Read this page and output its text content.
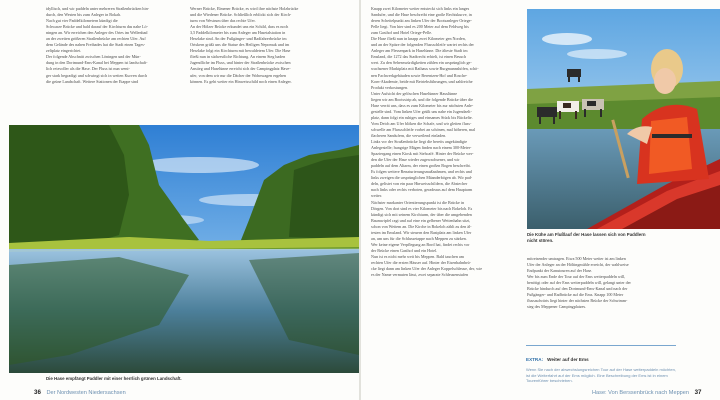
idyllisch, und wir paddeln unter mehreren Straßenbrücken hin-
durch, den Westen bis zum Anleger in Bokah.
Nach gut vier Paddelkilometern kündigt die
Schwarze Brücke und bald darauf der Kirchturm das nahe Lö-
ningen an. Wir erreichen den Anleger des Ortes im Wellenbad
an der zweiten größeren Straßenbrücke am rechten Ufer. Auf
dem Gelände des nahen Freibades hat die Stadt einen Tages-
zeltplatz eingerichtet.
Der folgende Abschnitt zwischen Löningen und der Mün-
dung in den Dortmund-Ems-Kanal bei Meppen ist landschaft-
lich reizvoller als die Hase. Der Fluss ist nun weni-
ger stark begradigt und schwingt sich in weiten Kurven durch
die grüne Landschaft. Weitere Stationen der Etappe sind
Werner Brücke, Elmener Brücke, es wird ihre nächste Holzbrücke
und die Wiedener Brücke. Schließlich erblickt sich der Kirch-
turm von Westrum über das rechte Ufer.
An der Hölzer Brücke erkundet uns ein Schild, dass es noch
3,5 Paddelkilometer bis zum Anleger am Hasetalstation in
Herzlake sind. An der Fußgänger- und Radfahrerbrücke im
Ortskern grüßt uns die Statue des Heiligen Nepomuk und im
Herzlake folgt ein Kirchturm mit bewaldetem Ufer. Die Hase
fließt nun in südwestliche Richtung. An einem Steg baden
Jugendliche im Fluss, und hinter der Straßenbrücke zwischen
Anstieg und Haselünne erreicht sich der Campingplatz Have-
ufer, von dem wir nur die Dächer der Wohnwagen ergehen
können. Es geht weiter ein Hinweisschild noch einen Anleger.
Die Hase empfängt Paddler mit einer herrlich grünen Landschaft.
36 Der Nordwesten Niedersachsen
Knapp zwei Kilometer weiter entsteckt sich links ein langes
Sandufer, und die Hase beschreibt eine große Rechtskurve, in
deren Scheitelpunkt am linken Ufer der Bootsanleger Ortege-
Pelle liegt. Von hier sind es 200 Meter auf dem Feldweg bis
zum Gasthof und Hotel Ortege-Pelle.
Die Hase fließt nun in knapp zwei Kilometer gen Norden,
und an der Spitze der folgenden Flussschleife wartet rechts der
Anleger am Flessenpark in Haselünne. Die älteste Stadt im
Emsland, die 1272 das Stadtrecht erhielt, ist einen Besuch
wert. Zu den Sehenswürdigkeiten zählen ein ursprünglich ge-
wachsener Marktplatz mit Rathaus sowie Burgmannshöfen, schö-
nen Fachwerkgebäuden sowie Berentzen-Hof und Rosche-
Korn-Akademie, beide mit Betriebsführungen, und zahlreiche
Produkt verkostungen.
Unter Aufsicht der gelöschen Haselünner Hauslünne
liegen wir am Bootsstrip ab, und die folgende Brücke über die
Hase verrät uns, dass es zum Kilometer bis zur nächsten Anle-
gestelle sind. Vom linken Ufer grüßt uns nahe ein Jugendzelt-
platz, dann folgt ein ruhiges und einsames Stück bis Bückelte.
Vom Deich am Ufer blöken die Schafe, und wir gleiten fluss-
schwelle am Flussschleife vorbei an schönen, mal höheren, mal
flacheren Sandufern, die verweilend einladen.
Links vor der Straßenbrücke liegt die bereits angekündigte
Anlegestelle; hungrige Mägen finden nach einem 300-Meter-
Spaziergang einen Kiosk mit Stehcafé. Hinter der Brücke wer-
den die Ufer der Hase wieder zugewachsener, und wir
paddeln auf dem Altarm, der einen großen Bogen beschreibt.
Es folgen weitere Renaturierungsmaßnahmen, und rechts und
links zweigen die ursprünglichen Mäanderbögen ab. Wir pad-
deln, gelistet von ein paar Hinweisschildern, die Abstecher
nach links oder rechts verboten, geradeaus auf dem Hauptarm
weiter.
Nächster markanter Orientierungspunkt ist die Brücke in
Dörgen. Von dort sind es vier Kilometer bis nach Bokeloh. Es
kündigt sich mit seinem Kirchturm, der über die umgebenden
Baumwipfel ragt und auf eine ein gelbener Wettenhahn sitzt,
schon von Weitem an. Die Kirche in Bokeloh zählt zu den äl-
testen im Emsland. Wir steuern den Rastplatz am linken Ufer
an, um uns für die Schlussetappe nach Meppen zu stärken.
Wer keine eigene Verpflegung an Bord hat, findet rechts vor
der Brücke einen Gasthof und ein Hotel.
Nun ist es nicht mehr weit bis Meppen. Bald tauchen am
rechten Ufer die ersten Häuser auf. Hinter der Eisenbahnbrü-
cke liegt dann am linken Ufer der Anleger Koppelschleuse, der, wie
es der Name vermuten lässt, zwei separate Schleusenstufen
Die Kühe am Flußlauf der Hase lassen sich von Paddlern
nicht stören.
mitreisender umtragen. Etwa 500 Meter weiter ist am linken
Ufer der Anleger an der Höltingmühle erreicht, der wahlweise
Endpunkt der Kanutouren auf der Hase.
Wer bis zum Ende der Tour auf der Ems weiterpaddeln will,
benötigt oder auf der Ems weiterpaddeln will, gelangt unter der
Brücke hindurch auf den Dortmund-Ems-Kanal und nach der
Fußgänger- und Radbrücke auf die Ems. Knapp 100 Meter
flussaufwärts liegt hinter der nächsten Brücke der Schwimm-
steg des Meppener Campingplatzes.
EXTRA: Weiter auf der Ems
Wenn Sie nach der abwechslungsreichen Tour auf der Hase weiterpaddeln möchten, ist die Weiterfahrt auf der Ems möglich. Eine Beschreibung der Ems ist in einem Tourenführer beschrieben.
Hase: Von Berssenbrück nach Meppen 37
